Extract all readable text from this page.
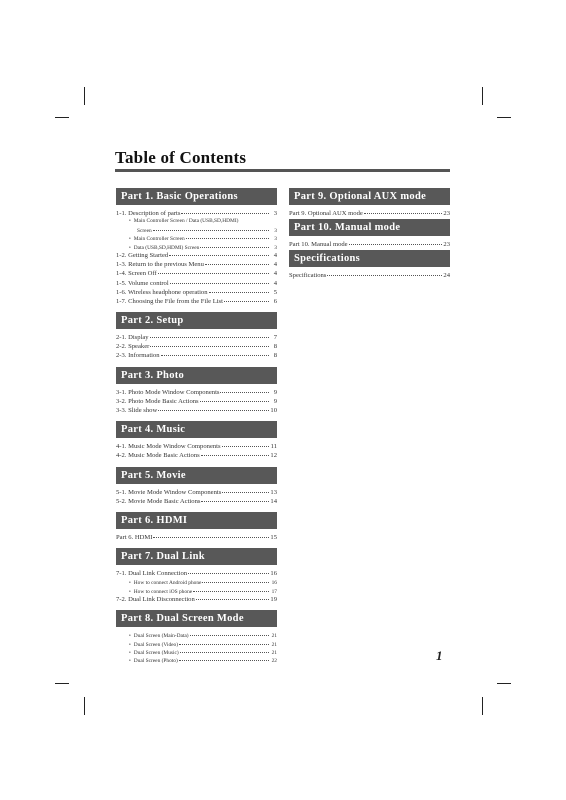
Table of Contents
Part 1. Basic Operations
1-1. Description of parts	3
• Main Controller Screen / Data (USB,SD,HDMI)
Screen	3
• Main Controller Screen	3
• Data (USB,SD,HDMI) Screen	3
1-2. Getting Started	4
1-3. Return to the previous Menu	4
1-4. Screen Off	4
1-5. Volume control	4
1-6. Wireless headphone operation	5
1-7. Choosing the File from the File List	6
Part 2. Setup
2-1. Display	7
2-2. Speaker	8
2-3. Information	8
Part 3. Photo
3-1. Photo Mode Window Components	9
3-2. Photo Mode Basic Actions	9
3-3. Slide show	10
Part 4. Music
4-1. Music Mode Window Components	11
4-2. Music Mode Basic Actions	12
Part 5. Movie
5-1. Movie Mode Window Components	13
5-2. Movie Mode Basic Actions	14
Part 6. HDMI
Part 6. HDMI	15
Part 7. Dual Link
7-1. Dual Link Connection	16
• How to connect Android phone	16
• How to connect iOS phone	17
7-2. Dual Link Disconnection	19
Part 8. Dual Screen Mode
• Dual Screen (Main-Data)	21
• Dual Screen (Video)	21
• Dual Screen (Music)	21
• Dual Screen (Photo)	22
Part 9. Optional AUX mode
Part 9. Optional AUX mode	23
Part 10. Manual mode
Part 10. Manual mode	23
Specifications
Specifications	24
1
